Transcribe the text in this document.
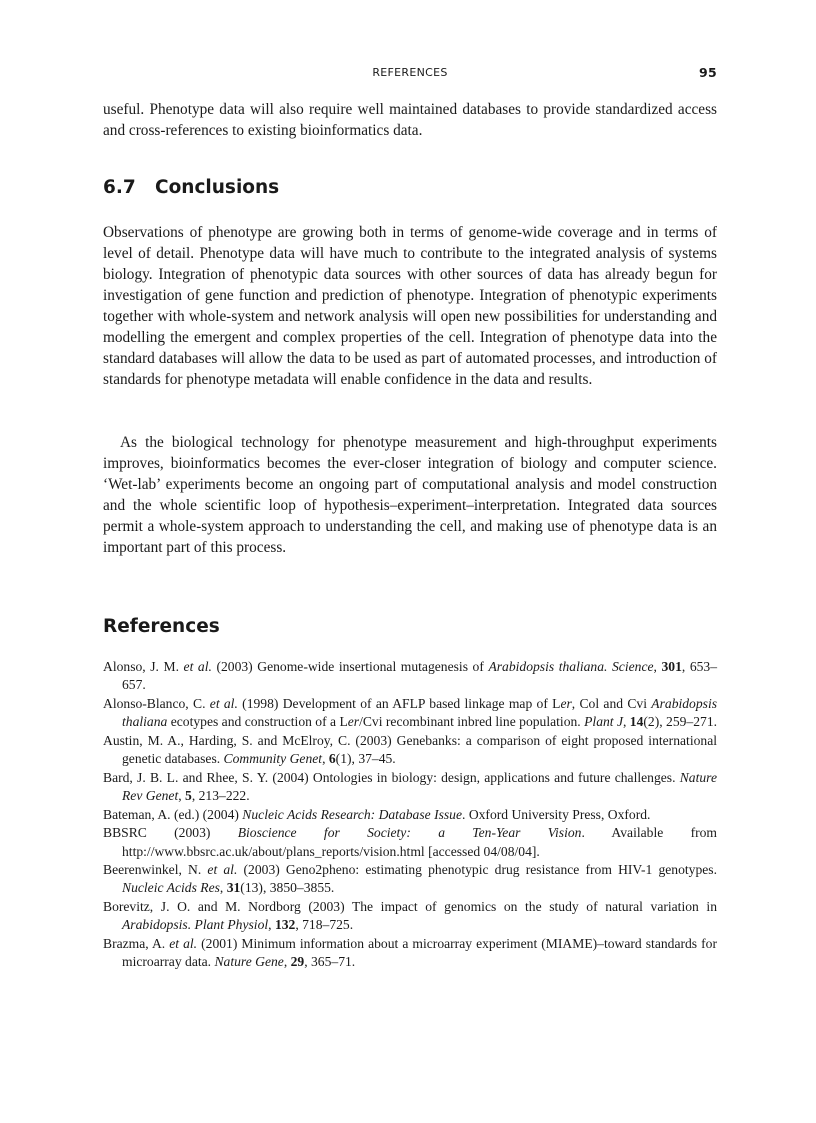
REFERENCES	95

useful. Phenotype data will also require well maintained databases to provide standardized access and cross-references to existing bioinformatics data.

6.7 Conclusions

Observations of phenotype are growing both in terms of genome-wide coverage and in terms of level of detail. Phenotype data will have much to contribute to the integrated analysis of systems biology. Integration of phenotypic data sources with other sources of data has already begun for investigation of gene function and prediction of phenotype. Integration of phenotypic experiments together with whole-system and network analysis will open new possibilities for understanding and modelling the emergent and complex properties of the cell. Integration of phenotype data into the standard databases will allow the data to be used as part of automated processes, and introduction of standards for phenotype metadata will enable confidence in the data and results.

As the biological technology for phenotype measurement and high-throughput experiments improves, bioinformatics becomes the ever-closer integration of biology and computer science. ‘Wet-lab’ experiments become an ongoing part of computational analysis and model construction and the whole scientific loop of hypothesis–experiment–interpretation. Integrated data sources permit a whole-system approach to understanding the cell, and making use of phenotype data is an important part of this process.

References
Alonso, J. M. et al. (2003) Genome-wide insertional mutagenesis of Arabidopsis thaliana. Science, 301, 653–657.
Alonso-Blanco, C. et al. (1998) Development of an AFLP based linkage map of Ler, Col and Cvi Arabidopsis thaliana ecotypes and construction of a Ler/Cvi recombinant inbred line population. Plant J, 14(2), 259–271.
Austin, M. A., Harding, S. and McElroy, C. (2003) Genebanks: a comparison of eight proposed international genetic databases. Community Genet, 6(1), 37–45.
Bard, J. B. L. and Rhee, S. Y. (2004) Ontologies in biology: design, applications and future challenges. Nature Rev Genet, 5, 213–222.
Bateman, A. (ed.) (2004) Nucleic Acids Research: Database Issue. Oxford University Press, Oxford.
BBSRC (2003) Bioscience for Society: a Ten-Year Vision. Available from http://www.bbsrc.ac.uk/about/plans_reports/vision.html [accessed 04/08/04].
Beerenwinkel, N. et al. (2003) Geno2pheno: estimating phenotypic drug resistance from HIV-1 genotypes. Nucleic Acids Res, 31(13), 3850–3855.
Borevitz, J. O. and M. Nordborg (2003) The impact of genomics on the study of natural variation in Arabidopsis. Plant Physiol, 132, 718–725.
Brazma, A. et al. (2001) Minimum information about a microarray experiment (MIAME)–toward standards for microarray data. Nature Gene, 29, 365–71.
